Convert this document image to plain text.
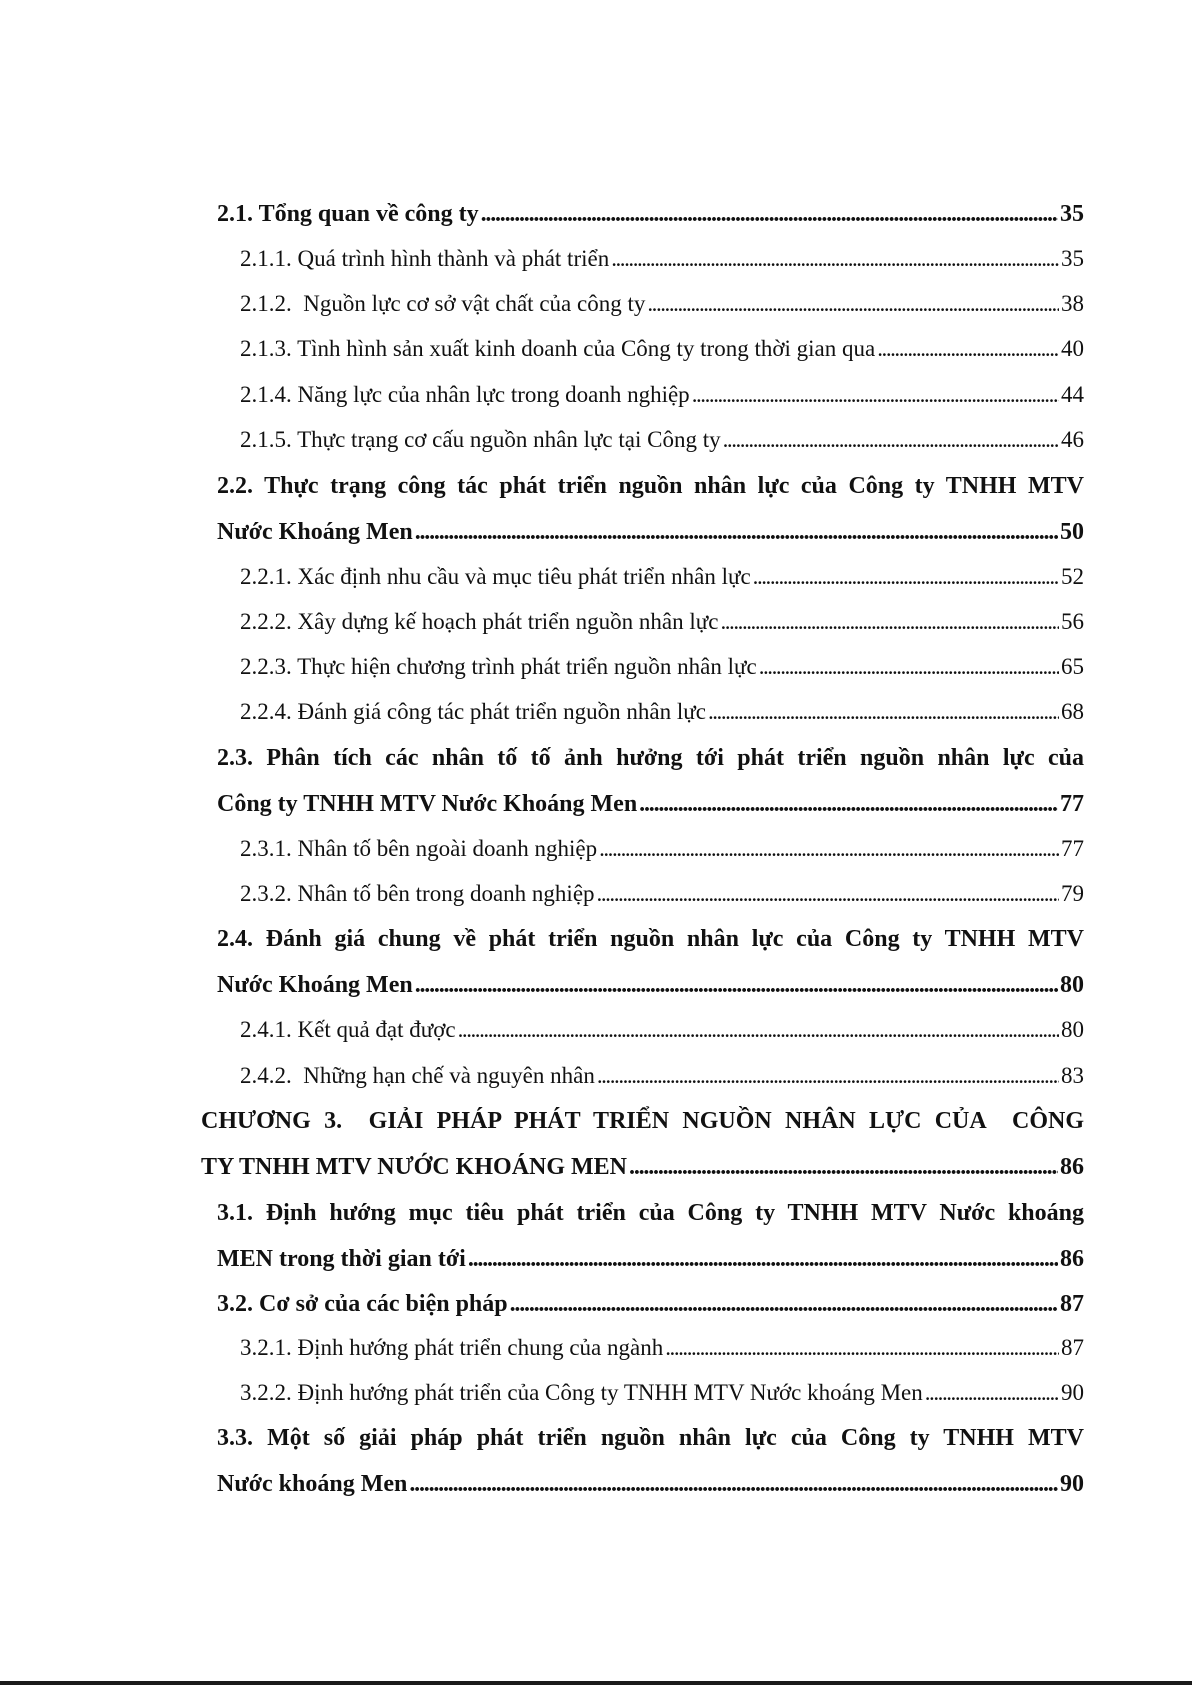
2.1. Tổng quan về công ty . . .	35
2.1.1. Quá trình hình thành và phát triển . . .	35
2.1.2.  Nguồn lực cơ sở vật chất của công ty . . .	38
2.1.3. Tình hình sản xuất kinh doanh của Công ty trong thời gian qua . . .	40
2.1.4. Năng lực của nhân lực trong doanh nghiệp . . .	44
2.1.5. Thực trạng cơ cấu nguồn nhân lực tại Công ty . . .	46
2.2. Thực trạng công tác phát triển nguồn nhân lực của Công ty TNHH MTV
Nước Khoáng Men . . .	50
2.2.1. Xác định nhu cầu và mục tiêu phát triển nhân lực . . .	52
2.2.2. Xây dựng kế hoạch phát triển nguồn nhân lực . . .	56
2.2.3. Thực hiện chương trình phát triển nguồn nhân lực . . .	65
2.2.4. Đánh giá công tác phát triển nguồn nhân lực . . .	68
2.3. Phân tích các nhân tố tố ảnh hưởng tới phát triển nguồn nhân lực của
Công ty TNHH MTV Nước Khoáng Men . . .	77
2.3.1. Nhân tố bên ngoài doanh nghiệp . . .	77
2.3.2. Nhân tố bên trong doanh nghiệp . . .	79
2.4. Đánh giá chung về phát triển nguồn nhân lực của Công ty TNHH MTV
Nước Khoáng Men . . .	80
2.4.1. Kết quả đạt được . . .	80
2.4.2.  Những hạn chế và nguyên nhân . . .	83
CHƯƠNG 3.  GIẢI PHÁP PHÁT TRIỂN NGUỒN NHÂN LỰC CỦA  CÔNG
TY TNHH MTV NƯỚC KHOÁNG MEN . . .	86
3.1. Định hướng mục tiêu phát triển của Công ty TNHH MTV Nước khoáng
MEN trong thời gian tới . . .	86
3.2. Cơ sở của các biện pháp . . .	87
3.2.1. Định hướng phát triển chung của ngành . . .	87
3.2.2. Định hướng phát triển của Công ty TNHH MTV Nước khoáng Men . . .	90
3.3. Một số giải pháp phát triển nguồn nhân lực của Công ty TNHH MTV
Nước khoáng Men . . .	90
